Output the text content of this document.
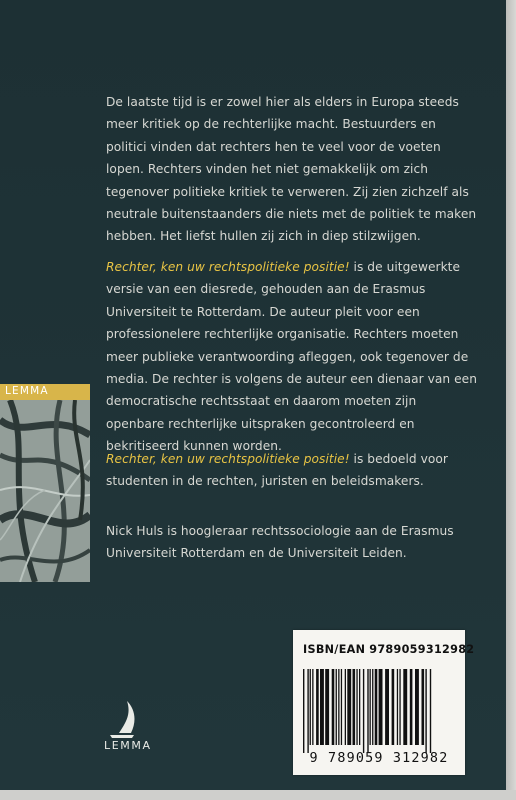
De laatste tijd is er zowel hier als elders in Europa steeds meer kritiek op de rechterlijke macht. Bestuurders en politici vinden dat rechters hen te veel voor de voeten lopen. Rechters vinden het niet gemakkelijk om zich tegenover politieke kritiek te verweren. Zij zien zichzelf als neutrale buitenstaanders die niets met de politiek te maken hebben. Het liefst hullen zij zich in diep stilzwijgen.

Rechter, ken uw rechtspolitieke positie! is de uitgewerkte versie van een diesrede, gehouden aan de Erasmus Universiteit te Rotterdam. De auteur pleit voor een professionelere rechterlijke organisatie. Rechters moeten meer publieke verantwoording afleggen, ook tegenover de media. De rechter is volgens de auteur een dienaar van een democratische rechtsstaat en daarom moeten zijn openbare rechterlijke uitspraken gecontroleerd en bekritiseerd kunnen worden.

Rechter, ken uw rechtspolitieke positie! is bedoeld voor studenten in de rechten, juristen en beleidsmakers.

Nick Huls is hoogleraar rechtssociologie aan de Erasmus Universiteit Rotterdam en de Universiteit Leiden.

LEMMA
LEMMA
ISBN/EAN 9789059312982
9 789059 312982
